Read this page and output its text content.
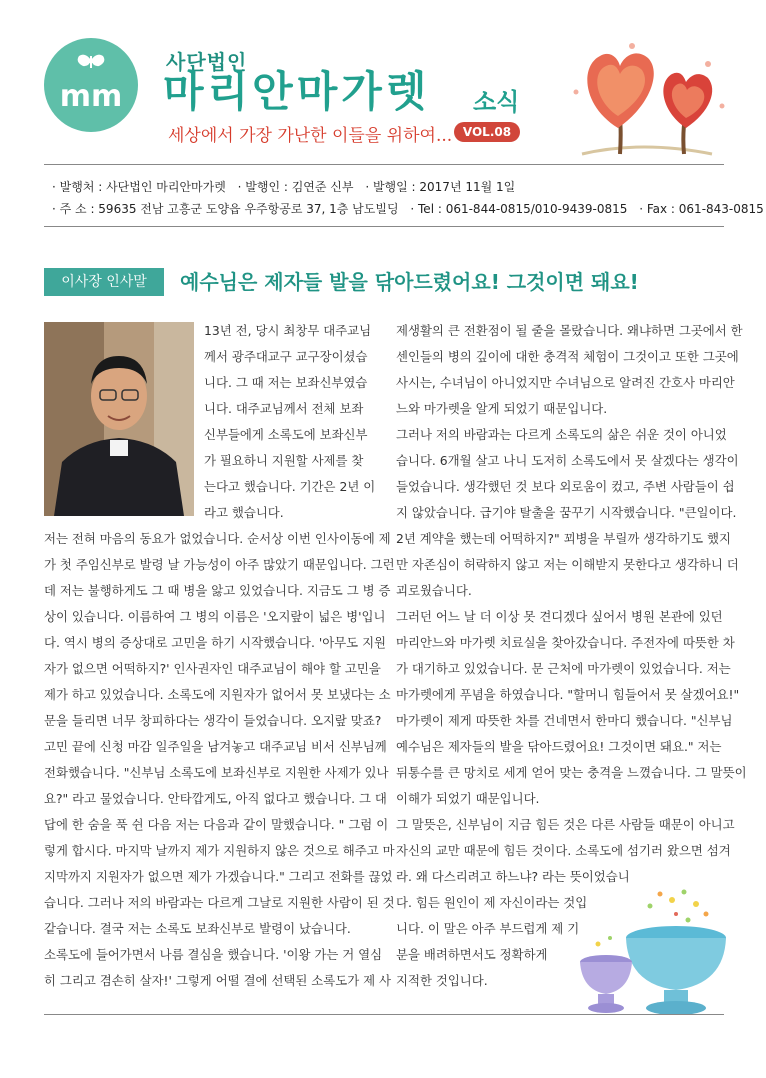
mm
사단법인
마리안마가렛 소식
세상에서 가장 가난한 이들을 위하여... VOL.08
· 발행처 : 사단법인 마리안마가렛 · 발행인 : 김연준 신부 · 발행일 : 2017년 11월 1일
· 주 소 : 59635 전남 고흥군 도양읍 우주항공로 37, 1층 남도빌딩 · Tel : 061-844-0815/010-9439-0815 · Fax : 061-843-0815
이사장 인사말	예수님은 제자들 발을 닦아드렸어요! 그것이면 돼요!
13년 전, 당시 최창무 대주교님
께서 광주대교구 교구장이셨습
니다. 그 때 저는 보좌신부였습
니다. 대주교님께서 전체 보좌
신부들에게 소록도에 보좌신부
가 필요하니 지원할 사제를 찾
는다고 했습니다. 기간은 2년 이
라고 했습니다.
저는 전혀 마음의 동요가 없었습니다. 순서상 이번 인사이동에 제
가 첫 주임신부로 발령 날 가능성이 아주 많았기 때문입니다. 그런
데 저는 불행하게도 그 때 병을 앓고 있었습니다. 지금도 그 병 증
상이 있습니다. 이름하여 그 병의 이름은 '오지랖이 넓은 병'입니
다. 역시 병의 증상대로 고민을 하기 시작했습니다. '아무도 지원
자가 없으면 어떡하지?' 인사권자인 대주교님이 해야 할 고민을
제가 하고 있었습니다. 소록도에 지원자가 없어서 못 보냈다는 소
문을 들리면 너무 창피하다는 생각이 들었습니다. 오지랖 맞죠?
고민 끝에 신청 마감 일주일을 남겨놓고 대주교님 비서 신부님께
전화했습니다. "신부님 소록도에 보좌신부로 지원한 사제가 있나
요?" 라고 물었습니다. 안타깝게도, 아직 없다고 했습니다. 그 대
답에 한 숨을 푹 쉰 다음 저는 다음과 같이 말했습니다. " 그럼 이
렇게 합시다. 마지막 날까지 제가 지원하지 않은 것으로 해주고 마
지막까지 지원자가 없으면 제가 가겠습니다." 그리고 전화를 끊었
습니다. 그러나 저의 바람과는 다르게 그날로 지원한 사람이 된 것
같습니다. 결국 저는 소록도 보좌신부로 발령이 났습니다.
소록도에 들어가면서 나름 결심을 했습니다. '이왕 가는 거 열심
히 그리고 겸손히 살자!' 그렇게 어떨 결에 선택된 소록도가 제 사
제생활의 큰 전환점이 될 줄을 몰랐습니다. 왜냐하면 그곳에서 한
센인들의 병의 깊이에 대한 충격적 체험이 그것이고 또한 그곳에
사시는, 수녀님이 아니었지만 수녀님으로 알려진 간호사 마리안
느와 마가렛을 알게 되었기 때문입니다.
그러나 저의 바람과는 다르게 소록도의 삶은 쉬운 것이 아니었
습니다. 6개월 살고 나니 도저히 소록도에서 못 살겠다는 생각이
들었습니다. 생각했던 것 보다 외로움이 컸고, 주변 사람들이 쉽
지 않았습니다. 급기야 탈출을 꿈꾸기 시작했습니다. "큰일이다.
2년 계약을 했는데 어떡하지?" 꾀병을 부릴까 생각하기도 했지
만 자존심이 허락하지 않고 저는 이해받지 못한다고 생각하니 더
괴로웠습니다.
그러던 어느 날 더 이상 못 견디겠다 싶어서 병원 본관에 있던
마리안느와 마가렛 치료실을 찾아갔습니다. 주전자에 따뜻한 차
가 대기하고 있었습니다. 문 근처에 마가렛이 있었습니다. 저는
마가렛에게 푸념을 하였습니다. "할머니 힘들어서 못 살겠어요!"
마가렛이 제게 따뜻한 차를 건네면서 한마디 했습니다. "신부님
예수님은 제자들의 발을 닦아드렸어요! 그것이면 돼요." 저는
뒤통수를 큰 망치로 세게 얻어 맞는 충격을 느꼈습니다. 그 말뜻이
이해가 되었기 때문입니다.
그 말뜻은, 신부님이 지금 힘든 것은 다른 사람들 때문이 아니고
자신의 교만 때문에 힘든 것이다. 소록도에 섬기러 왔으면 섬겨
라. 왜 다스리려고 하느냐? 라는 뜻이었습니
다. 힘든 원인이 제 자신이라는 것입
니다. 이 말은 아주 부드럽게 제 기
분을 배려하면서도 정확하게
지적한 것입니다.
